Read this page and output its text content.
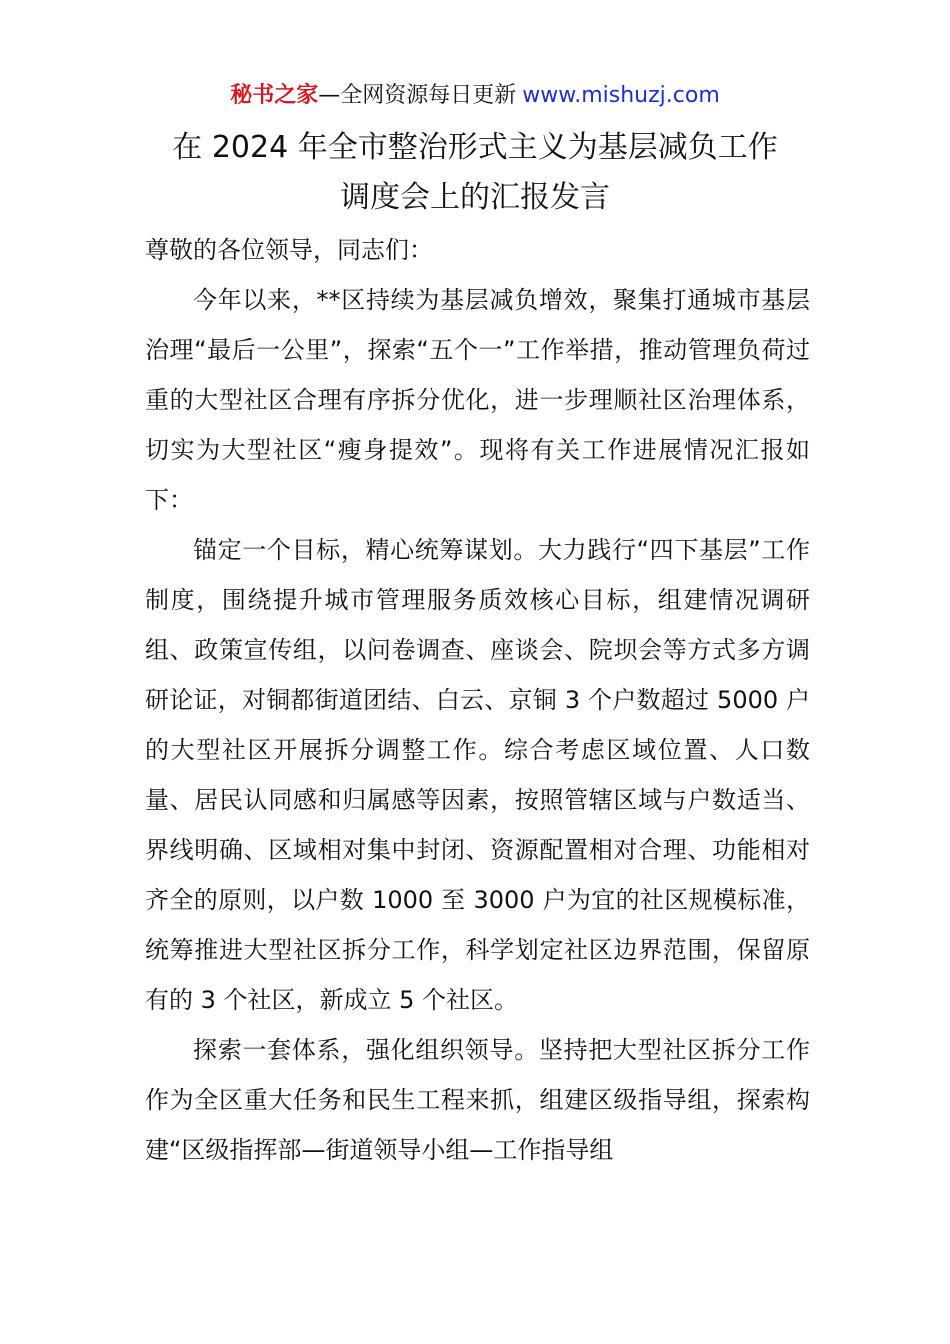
秘书之家—全网资源每日更新 www.mishuzj.com
在 2024 年全市整治形式主义为基层减负工作
调度会上的汇报发言

尊敬的各位领导，同志们：

今年以来，**区持续为基层减负增效，聚集打通城市基层治理“最后一公里”，探索“五个一”工作举措，推动管理负荷过重的大型社区合理有序拆分优化，进一步理顺社区治理体系，切实为大型社区“瘦身提效”。现将有关工作进展情况汇报如下：

锚定一个目标，精心统筹谋划。大力践行“四下基层”工作制度，围绕提升城市管理服务质效核心目标，组建情况调研组、政策宣传组，以问卷调查、座谈会、院坝会等方式多方调研论证，对铜都街道团结、白云、京铜 3 个户数超过 5000 户的大型社区开展拆分调整工作。综合考虑区域位置、人口数量、居民认同感和归属感等因素，按照管辖区域与户数适当、界线明确、区域相对集中封闭、资源配置相对合理、功能相对齐全的原则，以户数 1000 至 3000 户为宜的社区规模标准，统筹推进大型社区拆分工作，科学划定社区边界范围，保留原有的 3 个社区，新成立 5 个社区。

探索一套体系，强化组织领导。坚持把大型社区拆分工作作为全区重大任务和民生工程来抓，组建区级指导组，探索构建“区级指挥部—街道领导小组—工作指导组
